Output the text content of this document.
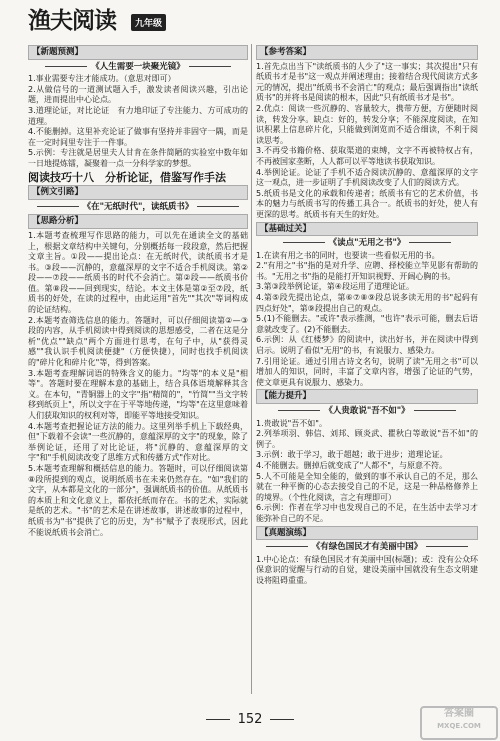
渔夫阅读	九年级
【新题预测】
《人生需要一块聚光镜》

1.事业需要专注才能成功。（意思对即可）

2.从做信号的一道测试题入手，激发读者阅读兴趣，引出论题，进而提出中心论点。

3.道理论证，对比论证　有力地印证了专注能力、方可成功的道理。

4.不能删掉。这里补充论证了做事有坚持并非固守一隅，而是在一定时间里专注于一件事。

5.示例：专注就是居里夫人甘肯在条件简陋的实验室中数年如一日地提炼镭，凝聚着一点一分科学家的梦想。

阅读技巧十八　分析论证，借鉴写作手法
【例文引路】
《在"无纸时代"，读纸质书》
【思路分析】

1.本题考查梳理写作思路的能力，可以先在通读全文的基础上，根据文章结构中关键句，分别概括每一段段意，然后把握文章主旨。①段——提出论点：在无纸时代，读纸质书才是书。③段——沉静的，意蕴深厚的文字不适合手机阅读。第②段——⑦段——纸质书的时代不会消亡。第②段——纸质书价值。第⑧段——回到现实，结论。本文主体是第②至⑦段，纸质书的好处，在读的过程中，由此运用"首先""其次"等词构成的论证结构。

2.本题考查筛选信息的能力。答题时，可以仔细阅读第②—③段的内容，从手机阅读中得到阅读的思想感受，二者在这是分析"优点""缺点"两个方面进行思考，在句子中，从"获得灵感""我认识手机阅读便捷"（方便快捷），同时也找手机阅读的"碎片化和碎片化"等，得到答案。

3.本题考查理解词语的特殊含义的能力。"均等"的本义是"相等"。答题时要在理解本意的基础上，结合具体语境解释其含义。在本句，"青铜器上的文字"指"精简的"，"竹简""当文字转移到纸页上"，所以文字在于平等地传递，"均等"在这里意味着人们获取知识的权利对等，即能平等地接受知识。

4.本题考查把握论证方法的能力。这里列举手机上下载经典，但"下载着不会读"一些沉静的，意蕴深厚的文字"的现象，除了举例论证，还用了对比论证，将"沉静的、意蕴深厚的文字"和"手机阅读改变了思维方式和传播方式"作对比。

5.本题考查理解和概括信息的能力。答题时，可以仔细阅读第⑧段所提到的观点，说明纸质书在未来仍然存在。"如"我们的文字，从本都是文化的一部分"，强调纸质书的价值。从纸质书的本质上和文化意义上，都依托纸而存在。书的艺术，实际就是纸的艺术。"书"的艺术是在讲述故事，讲述故事的过程中，纸质书为"书"提供了它的历史，为"书"赋予了表现形式，因此不能说纸质书会消亡。

【参考答案】

1.首先点出当下"读纸质书的人少了"这一事实；其次提出"只有纸质书才是书"这一观点并阐述理由；接着结合现代阅读方式多元的情况，提出"纸质书不会消亡"的观点；最后强调指出"读纸质书"的并将书是阅读的根本，因此"只有纸质书才是书"。

2.优点：阅读一些沉静的、容量较大，携带方便，方便随时阅读，转发分享。缺点：好的，转发分享；不能深度阅读，在知识积累上信息碎片化，只能做到浏览而不适合细读，不利于阅读思考。

3.不再受书籍价格、获取渠道的束缚，文字不再被特权占有，不再被国家垄断，人人都可以平等地读书获取知识。

4.举例论证。论证了手机不适合阅读沉静的、意蕴深厚的文字这一观点，进一步证明了手机阅读改变了人们的阅读方式。

5.纸质书是文化的承载和传递者；纸质书有它的艺术价值，书本的魅力与纸质书写的传播工具合一。纸质书的好处，使人有更深的思考。纸质书有天生的好处。

【基础过关】
《读点"无用之书"》

1.在读有用之书的同时，也要读一些看似无用的书。

2."有用之"书"指的是对升学、应聘、择校能立竿见影有帮助的书。"无用之书"指的是能打开知识视野、开阔心胸的书。

3.第③段举例论证，第④段运用了道理论证。

4.第⑤段先提出论点，第⑥⑦⑧⑨段总说多读无用的书"起码有四点好处"，第⑨段提出自己的观点。

5.(1)不能删去。"或许"表示推测，"也许"表示可能，删去后语意就改变了。(2)不能删去。

6.示例：从《红楼梦》的阅读中，读出好书，并在阅读中得到启示。说明了看似"无用"的书，有说服力、感染力。

7.引用论证。通过引用古诗文名句，说明了读"无用之书"可以增加人的知识，同时，丰富了文章内容，增强了论证的气势，使文章更具有说服力、感染力。

【能力提升】
《人贵敢说"吾不如"》

1.贵敢说"吾不如"。

2.列举项羽、韩信、刘邦、顾炎武、瞿秋白等敢说"吾不如"的例子。

3.示例：敢于学习，敢于超越；敢于进步；道理论证。

4.不能删去。删掉后就变成了"人都不"，与原意不符。

5.人不可能是全知全能的，做到的事不承认自己的不足，那么就在一种平衡的心态去接受自己的不足，这是一种品格修养上的境界。（个性化阅读，言之有理即可）

6.示例：作者在学习中也发现自己的不足，在生活中去学习才能弥补自己的不足。

【真题演练】
《有绿色国民才有美丽中国》

1.中心论点：有绿色国民才有美丽中国(标题)；或：没有公众环保意识的觉醒与行动的自觉，建设美丽中国就没有生态文明建设将阻碍重重。

152	答案圈
MXQE.COM
